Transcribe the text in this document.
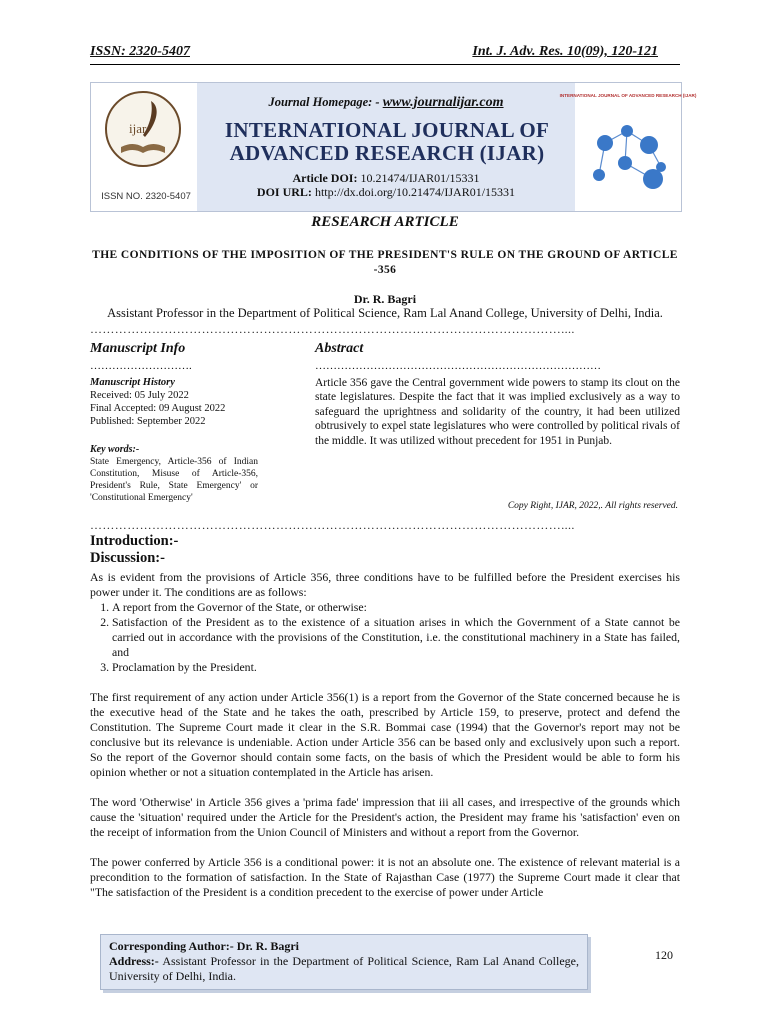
ISSN: 2320-5407	Int. J. Adv. Res. 10(09), 120-121
ijar
ISSN NO. 2320-5407
Journal Homepage: - www.journalijar.com
INTERNATIONAL JOURNAL OF
ADVANCED RESEARCH (IJAR)
Article DOI: 10.21474/IJAR01/15331
DOI URL: http://dx.doi.org/10.21474/IJAR01/15331
INTERNATIONAL JOURNAL OF ADVANCED RESEARCH (IJAR)
RESEARCH ARTICLE
THE CONDITIONS OF THE IMPOSITION OF THE PRESIDENT'S RULE ON THE GROUND OF ARTICLE -356
Dr. R. Bagri
Assistant Professor in the Department of Political Science, Ram Lal Anand College, University of Delhi, India.
……………………………………………………………………………………………………....
Manuscript Info	Abstract
……………………….	……………………………………………………………………
Manuscript History
Received: 05 July 2022
Final Accepted: 09 August 2022
Published: September 2022
Key words:-
State Emergency, Article-356 of Indian Constitution, Misuse of Article-356, President's Rule, State Emergency' or 'Constitutional Emergency'
Article 356 gave the Central government wide powers to stamp its clout on the state legislatures. Despite the fact that it was implied exclusively as a way to safeguard the uprightness and solidarity of the country, it had been utilized obtrusively to expel state legislatures who were controlled by political rivals of the middle. It was utilized without precedent for 1951 in Punjab.
Copy Right, IJAR, 2022,. All rights reserved.
……………………………………………………………………………………………………....
Introduction:-
Discussion:-

As is evident from the provisions of Article 356, three conditions have to be fulfilled before the President exercises his power under it. The conditions are as follows:

1. A report from the Governor of the State, or otherwise:
2. Satisfaction of the President as to the existence of a situation arises in which the Government of a State cannot be carried out in accordance with the provisions of the Constitution, i.e. the constitutional machinery in a State has failed, and
3. Proclamation by the President.

The first requirement of any action under Article 356(1) is a report from the Governor of the State concerned because he is the executive head of the State and he takes the oath, prescribed by Article 159, to preserve, protect and defend the Constitution. The Supreme Court made it clear in the S.R. Bommai case (1994) that the Governor's report may not be conclusive but its relevance is undeniable. Action under Article 356 can be based only and exclusively upon such a report. So the report of the Governor should contain some facts, on the basis of which the President would be able to form his opinion whether or not a situation contemplated in the Article has arisen.

The word 'Otherwise' in Article 356 gives a 'prima fade' impression that iii all cases, and irrespective of the grounds which cause the 'situation' required under the Article for the President's action, the President may frame his 'satisfaction' even on the receipt of information from the Union Council of Ministers and without a report from the Governor.

The power conferred by Article 356 is a conditional power: it is not an absolute one. The existence of relevant material is a precondition to the formation of satisfaction. In the State of Rajasthan Case (1977) the Supreme Court made it clear that "The satisfaction of the President is a condition precedent to the exercise of power under Article

Corresponding Author:- Dr. R. Bagri
Address:- Assistant Professor in the Department of Political Science, Ram Lal Anand College, University of Delhi, India.
120
